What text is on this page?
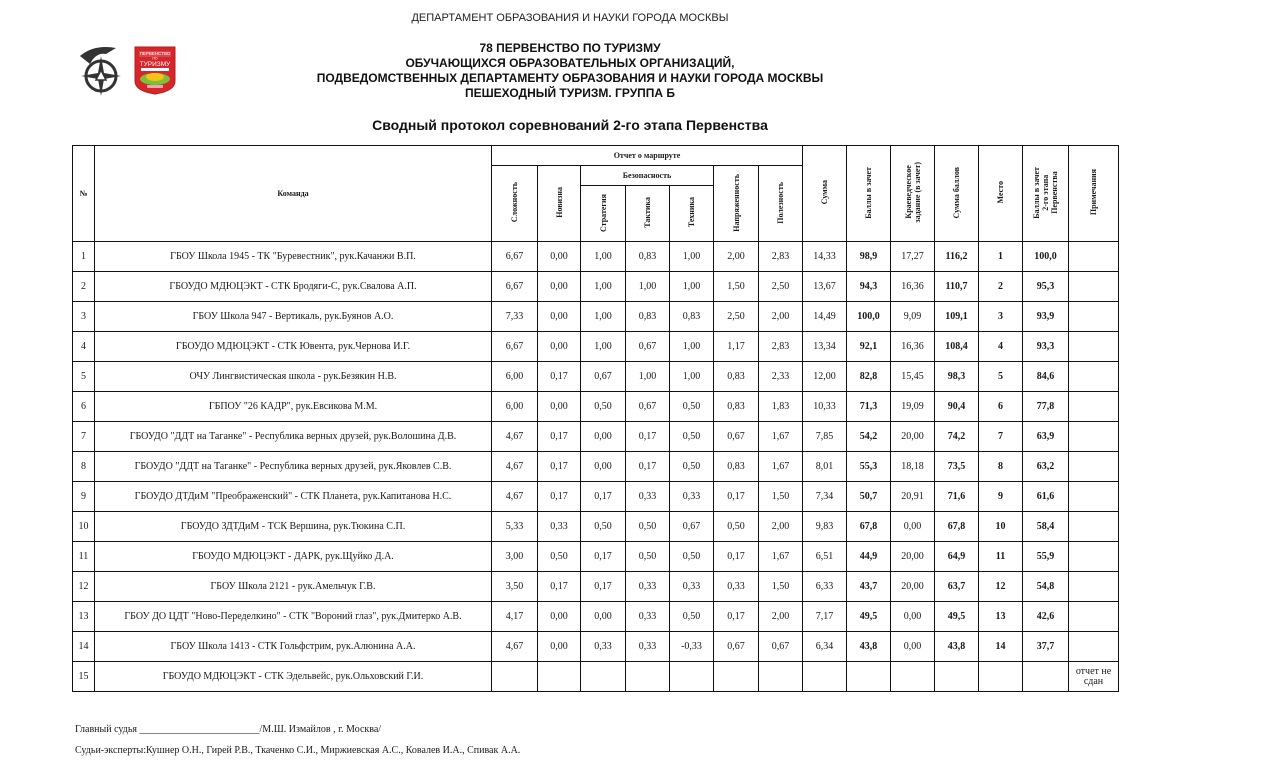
ДЕПАРТАМЕНТ ОБРАЗОВАНИЯ И НАУКИ ГОРОДА МОСКВЫ
ПЕРВЕНСТВО
ПО
ТУРИЗМУ
78 ПЕРВЕНСТВО ПО ТУРИЗМУ
ОБУЧАЮЩИХСЯ ОБРАЗОВАТЕЛЬНЫХ ОРГАНИЗАЦИЙ,
ПОДВЕДОМСТВЕННЫХ ДЕПАРТАМЕНТУ ОБРАЗОВАНИЯ И НАУКИ ГОРОДА МОСКВЫ
ПЕШЕХОДНЫЙ ТУРИЗМ. ГРУППА Б
Сводный протокол соревнований 2-го этапа Первенства
№	Команда	Отчет о маршруте							Сумма	Баллы в зачет	Краеведческое
задание (в зачет)	Сумма баллов	Место	Баллы в зачет
2-го этапа
Первенства	Примечания
		Сложность	Новизна	Безопасность			Напряженность	Полезность							
				Стратегия	Тактика	Техника									
1	ГБОУ Школа 1945 - ТК "Буревестник", рук.Качанжи В.П.	6,67	0,00	1,00	0,83	1,00	2,00	2,83	14,33	98,9	17,27	116,2	1	100,0	
2	ГБОУДО МДЮЦЭКТ - СТК Бродяги-С, рук.Свалова А.П.	6,67	0,00	1,00	1,00	1,00	1,50	2,50	13,67	94,3	16,36	110,7	2	95,3	
3	ГБОУ Школа 947 - Вертикаль, рук.Буянов А.О.	7,33	0,00	1,00	0,83	0,83	2,50	2,00	14,49	100,0	9,09	109,1	3	93,9	
4	ГБОУДО МДЮЦЭКТ - СТК Ювента, рук.Чернова И.Г.	6,67	0,00	1,00	0,67	1,00	1,17	2,83	13,34	92,1	16,36	108,4	4	93,3	
5	ОЧУ Лингвистическая школа - рук.Безякин Н.В.	6,00	0,17	0,67	1,00	1,00	0,83	2,33	12,00	82,8	15,45	98,3	5	84,6	
6	ГБПОУ "26 КАДР", рук.Евсикова М.М.	6,00	0,00	0,50	0,67	0,50	0,83	1,83	10,33	71,3	19,09	90,4	6	77,8	
7	ГБОУДО "ДДТ на Таганке" - Республика верных друзей, рук.Волошина Д.В.	4,67	0,17	0,00	0,17	0,50	0,67	1,67	7,85	54,2	20,00	74,2	7	63,9	
8	ГБОУДО "ДДТ на Таганке" - Республика верных друзей, рук.Яковлев С.В.	4,67	0,17	0,00	0,17	0,50	0,83	1,67	8,01	55,3	18,18	73,5	8	63,2	
9	ГБОУДО ДТДиМ "Преображенский" - СТК Планета, рук.Капитанова Н.С.	4,67	0,17	0,17	0,33	0,33	0,17	1,50	7,34	50,7	20,91	71,6	9	61,6	
10	ГБОУДО ЗДТДиМ - ТСК Вершина, рук.Тюкина С.П.	5,33	0,33	0,50	0,50	0,67	0,50	2,00	9,83	67,8	0,00	67,8	10	58,4	
11	ГБОУДО МДЮЦЭКТ - ДАРК, рук.Щуйко Д.А.	3,00	0,50	0,17	0,50	0,50	0,17	1,67	6,51	44,9	20,00	64,9	11	55,9	
12	ГБОУ Школа 2121 - рук.Амельчук Г.В.	3,50	0,17	0,17	0,33	0,33	0,33	1,50	6,33	43,7	20,00	63,7	12	54,8	
13	ГБОУ ДО ЦДТ "Ново-Переделкино" - СТК "Вороний глаз", рук.Дмитерко А.В.	4,17	0,00	0,00	0,33	0,50	0,17	2,00	7,17	49,5	0,00	49,5	13	42,6	
14	ГБОУ Школа 1413 - СТК Гольфстрим, рук.Алюнина А.А.	4,67	0,00	0,33	0,33	-0,33	0,67	0,67	6,34	43,8	0,00	43,8	14	37,7	
15	ГБОУДО МДЮЦЭКТ - СТК Эдельвейс, рук.Ольховский Г.И.														отчет не сдан
Главный судья ________________________/М.Ш. Измайлов , г. Москва/
Судьи-эксперты:Кушнер О.Н., Гирей Р.В., Ткаченко С.И., Миржиевская А.С., Ковалев И.А., Спивак А.А.
